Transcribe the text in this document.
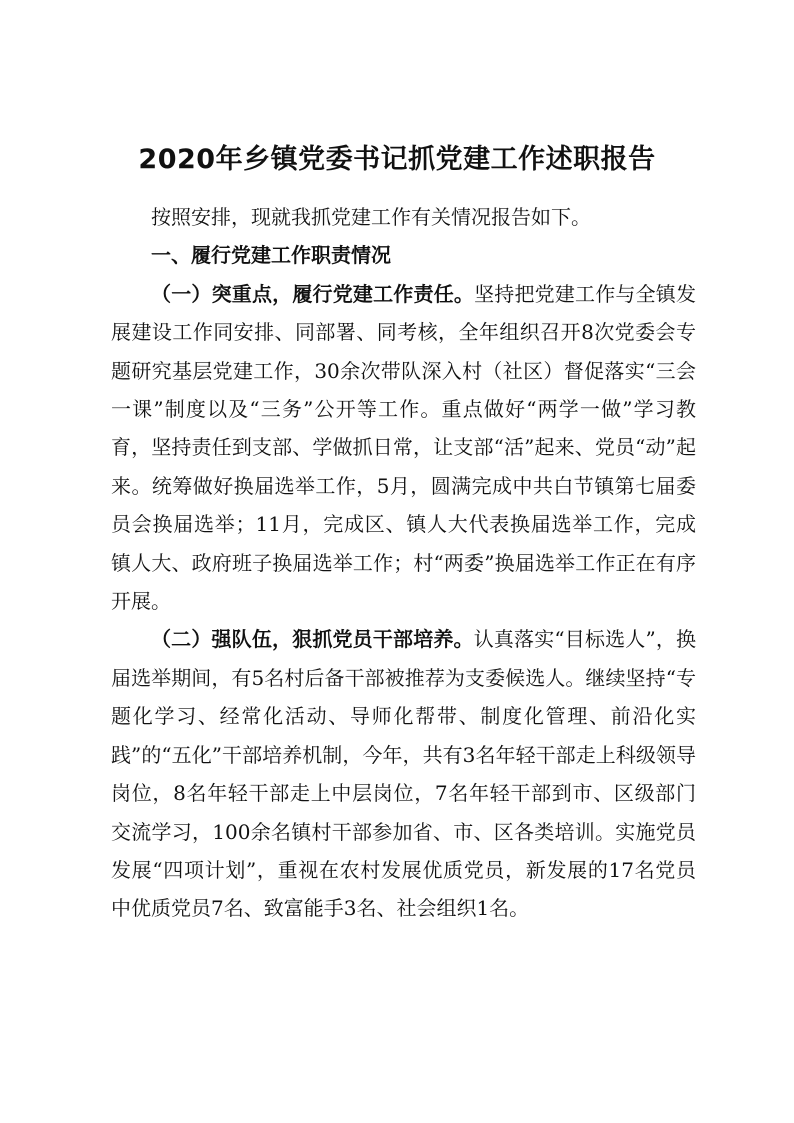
2020年乡镇党委书记抓党建工作述职报告

按照安排，现就我抓党建工作有关情况报告如下。

一、履行党建工作职责情况

（一）突重点，履行党建工作责任。坚持把党建工作与全镇发展建设工作同安排、同部署、同考核，全年组织召开8次党委会专题研究基层党建工作，30余次带队深入村（社区）督促落实“三会一课”制度以及“三务”公开等工作。重点做好“两学一做”学习教育，坚持责任到支部、学做抓日常，让支部“活”起来、党员“动”起来。统筹做好换届选举工作，5月，圆满完成中共白节镇第七届委员会换届选举；11月，完成区、镇人大代表换届选举工作，完成镇人大、政府班子换届选举工作；村“两委”换届选举工作正在有序开展。

（二）强队伍，狠抓党员干部培养。认真落实“目标选人”，换届选举期间，有5名村后备干部被推荐为支委候选人。继续坚持“专题化学习、经常化活动、导师化帮带、制度化管理、前沿化实践”的“五化”干部培养机制，今年，共有3名年轻干部走上科级领导岗位，8名年轻干部走上中层岗位，7名年轻干部到市、区级部门交流学习，100余名镇村干部参加省、市、区各类培训。实施党员发展“四项计划”，重视在农村发展优质党员，新发展的17名党员中优质党员7名、致富能手3名、社会组织1名。
